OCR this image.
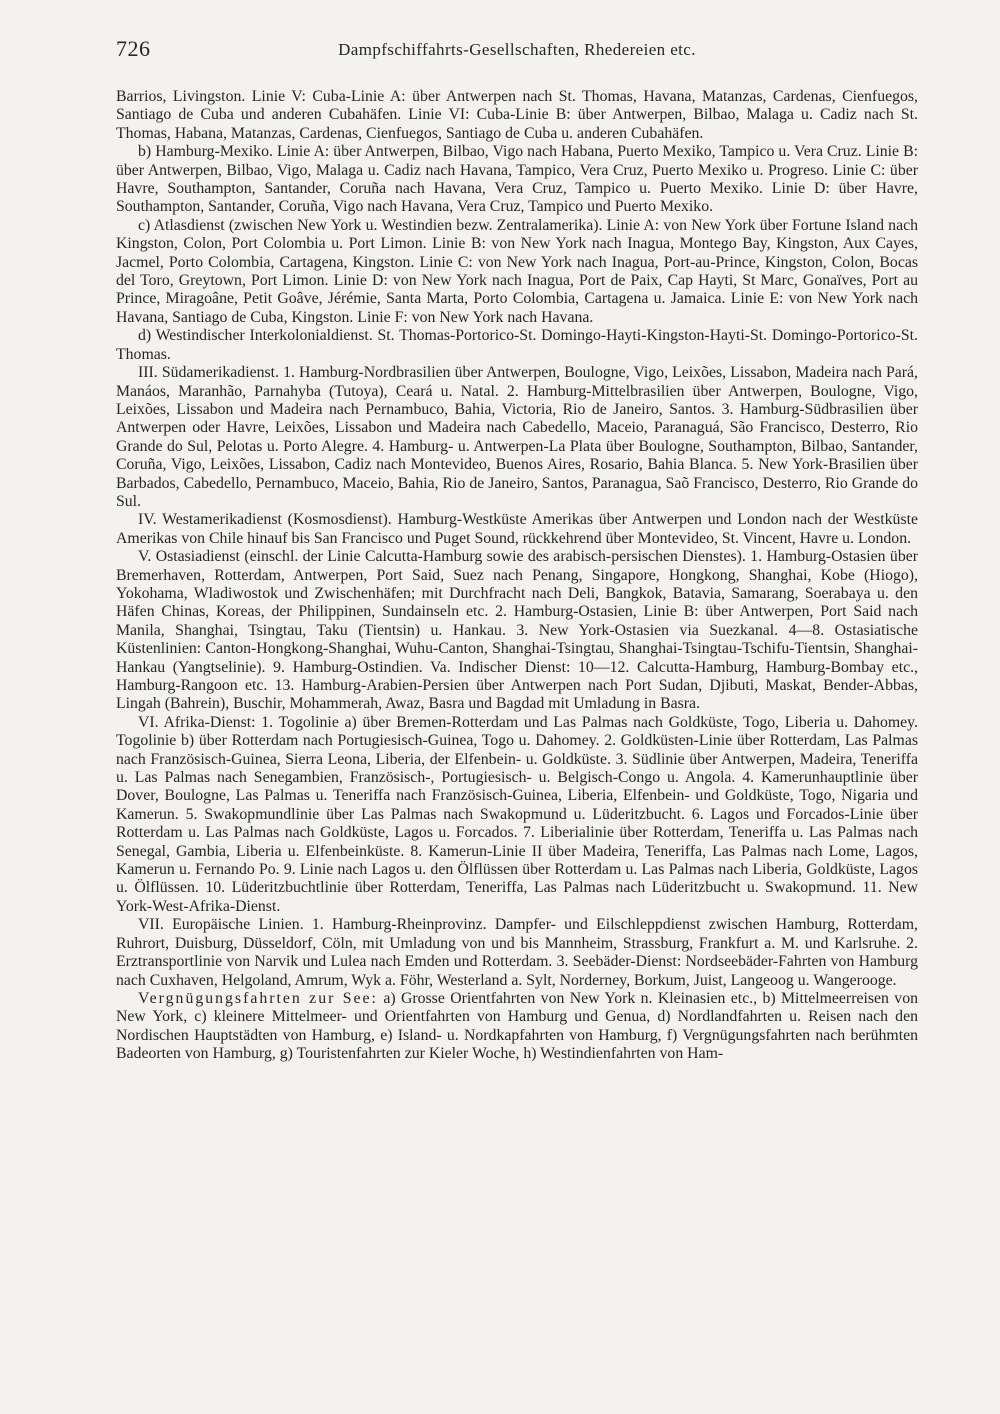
726	Dampfschiffahrts-Gesellschaften, Rhedereien etc.

Barrios, Livingston. Linie V: Cuba-Linie A: über Antwerpen nach St. Thomas, Havana, Matanzas, Cardenas, Cienfuegos, Santiago de Cuba und anderen Cubahäfen. Linie VI: Cuba-Linie B: über Antwerpen, Bilbao, Malaga u. Cadiz nach St. Thomas, Habana, Matanzas, Cardenas, Cienfuegos, Santiago de Cuba u. anderen Cubahäfen.

b) Hamburg-Mexiko. Linie A: über Antwerpen, Bilbao, Vigo nach Habana, Puerto Mexiko, Tampico u. Vera Cruz. Linie B: über Antwerpen, Bilbao, Vigo, Malaga u. Cadiz nach Havana, Tampico, Vera Cruz, Puerto Mexiko u. Progreso. Linie C: über Havre, Southampton, Santander, Coruña nach Havana, Vera Cruz, Tampico u. Puerto Mexiko. Linie D: über Havre, Southampton, Santander, Coruña, Vigo nach Havana, Vera Cruz, Tampico und Puerto Mexiko.

c) Atlasdienst (zwischen New York u. Westindien bezw. Zentralamerika). Linie A: von New York über Fortune Island nach Kingston, Colon, Port Colombia u. Port Limon. Linie B: von New York nach Inagua, Montego Bay, Kingston, Aux Cayes, Jacmel, Porto Colombia, Cartagena, Kingston. Linie C: von New York nach Inagua, Port-au-Prince, Kingston, Colon, Bocas del Toro, Greytown, Port Limon. Linie D: von New York nach Inagua, Port de Paix, Cap Hayti, St Marc, Gonaïves, Port au Prince, Miragoâne, Petit Goâve, Jérémie, Santa Marta, Porto Colombia, Cartagena u. Jamaica. Linie E: von New York nach Havana, Santiago de Cuba, Kingston. Linie F: von New York nach Havana.

d) Westindischer Interkolonialdienst. St. Thomas-Portorico-St. Domingo-Hayti-Kingston-Hayti-St. Domingo-Portorico-St. Thomas.

III. Südamerikadienst. 1. Hamburg-Nordbrasilien über Antwerpen, Boulogne, Vigo, Leixões, Lissabon, Madeira nach Pará, Manáos, Maranhão, Parnahyba (Tutoya), Ceará u. Natal. 2. Hamburg-Mittelbrasilien über Antwerpen, Boulogne, Vigo, Leixões, Lissabon und Madeira nach Pernambuco, Bahia, Victoria, Rio de Janeiro, Santos. 3. Hamburg-Südbrasilien über Antwerpen oder Havre, Leixões, Lissabon und Madeira nach Cabedello, Maceio, Paranaguá, São Francisco, Desterro, Rio Grande do Sul, Pelotas u. Porto Alegre. 4. Hamburg- u. Antwerpen-La Plata über Boulogne, Southampton, Bilbao, Santander, Coruña, Vigo, Leixões, Lissabon, Cadiz nach Montevideo, Buenos Aires, Rosario, Bahia Blanca. 5. New York-Brasilien über Barbados, Cabedello, Pernambuco, Maceio, Bahia, Rio de Janeiro, Santos, Paranagua, Saõ Francisco, Desterro, Rio Grande do Sul.

IV. Westamerikadienst (Kosmosdienst). Hamburg-Westküste Amerikas über Antwerpen und London nach der Westküste Amerikas von Chile hinauf bis San Francisco und Puget Sound, rückkehrend über Montevideo, St. Vincent, Havre u. London.

V. Ostasiadienst (einschl. der Linie Calcutta-Hamburg sowie des arabisch-persischen Dienstes). 1. Hamburg-Ostasien über Bremerhaven, Rotterdam, Antwerpen, Port Said, Suez nach Penang, Singapore, Hongkong, Shanghai, Kobe (Hiogo), Yokohama, Wladiwostok und Zwischenhäfen; mit Durchfracht nach Deli, Bangkok, Batavia, Samarang, Soerabaya u. den Häfen Chinas, Koreas, der Philippinen, Sundainseln etc. 2. Hamburg-Ostasien, Linie B: über Antwerpen, Port Said nach Manila, Shanghai, Tsingtau, Taku (Tientsin) u. Hankau. 3. New York-Ostasien via Suezkanal. 4—8. Ostasiatische Küstenlinien: Canton-Hongkong-Shanghai, Wuhu-Canton, Shanghai-Tsingtau, Shanghai-Tsingtau-Tschifu-Tientsin, Shanghai-Hankau (Yangtselinie). 9. Hamburg-Ostindien. Va. Indischer Dienst: 10—12. Calcutta-Hamburg, Hamburg-Bombay etc., Hamburg-Rangoon etc. 13. Hamburg-Arabien-Persien über Antwerpen nach Port Sudan, Djibuti, Maskat, Bender-Abbas, Lingah (Bahrein), Buschir, Mohammerah, Awaz, Basra und Bagdad mit Umladung in Basra.

VI. Afrika-Dienst: 1. Togolinie a) über Bremen-Rotterdam und Las Palmas nach Goldküste, Togo, Liberia u. Dahomey. Togolinie b) über Rotterdam nach Portugiesisch-Guinea, Togo u. Dahomey. 2. Goldküsten-Linie über Rotterdam, Las Palmas nach Französisch-Guinea, Sierra Leona, Liberia, der Elfenbein- u. Goldküste. 3. Südlinie über Antwerpen, Madeira, Teneriffa u. Las Palmas nach Senegambien, Französisch-, Portugiesisch- u. Belgisch-Congo u. Angola. 4. Kamerunhauptlinie über Dover, Boulogne, Las Palmas u. Teneriffa nach Französisch-Guinea, Liberia, Elfenbein- und Goldküste, Togo, Nigaria und Kamerun. 5. Swakopmundlinie über Las Palmas nach Swakopmund u. Lüderitzbucht. 6. Lagos und Forcados-Linie über Rotterdam u. Las Palmas nach Goldküste, Lagos u. Forcados. 7. Liberialinie über Rotterdam, Teneriffa u. Las Palmas nach Senegal, Gambia, Liberia u. Elfenbeinküste. 8. Kamerun-Linie II über Madeira, Teneriffa, Las Palmas nach Lome, Lagos, Kamerun u. Fernando Po. 9. Linie nach Lagos u. den Ölflüssen über Rotterdam u. Las Palmas nach Liberia, Goldküste, Lagos u. Ölflüssen. 10. Lüderitzbuchtlinie über Rotterdam, Teneriffa, Las Palmas nach Lüderitzbucht u. Swakopmund. 11. New York-West-Afrika-Dienst.

VII. Europäische Linien. 1. Hamburg-Rheinprovinz. Dampfer- und Eilschleppdienst zwischen Hamburg, Rotterdam, Ruhrort, Duisburg, Düsseldorf, Cöln, mit Umladung von und bis Mannheim, Strassburg, Frankfurt a. M. und Karlsruhe. 2. Erztransportlinie von Narvik und Lulea nach Emden und Rotterdam. 3. Seebäder-Dienst: Nordseebäder-Fahrten von Hamburg nach Cuxhaven, Helgoland, Amrum, Wyk a. Föhr, Westerland a. Sylt, Norderney, Borkum, Juist, Langeoog u. Wangerooge.

Vergnügungsfahrten zur See: a) Grosse Orientfahrten von New York n. Kleinasien etc., b) Mittelmeerreisen von New York, c) kleinere Mittelmeer- und Orientfahrten von Hamburg und Genua, d) Nordlandfahrten u. Reisen nach den Nordischen Hauptstädten von Hamburg, e) Island- u. Nordkapfahrten von Hamburg, f) Vergnügungsfahrten nach berühmten Badeorten von Hamburg, g) Touristenfahrten zur Kieler Woche, h) Westindienfahrten von Ham-
